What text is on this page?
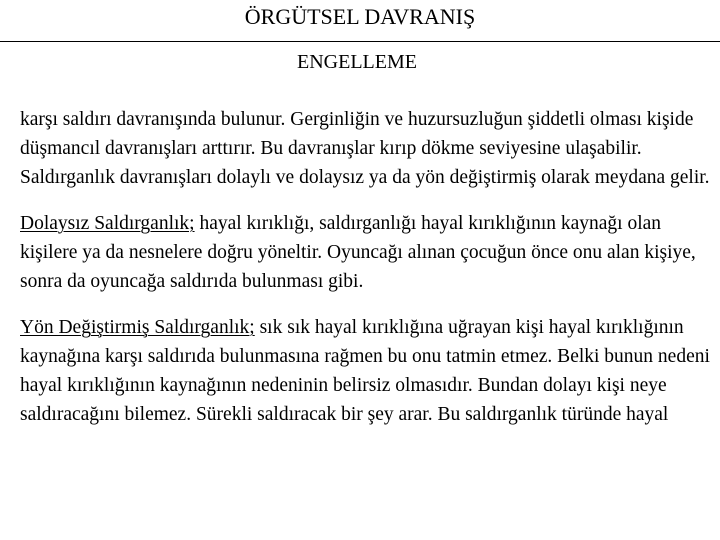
ÖRGÜTSEL DAVRANIŞ
ENGELLEME

karşı saldırı davranışında bulunur. Gerginliğin ve huzursuzluğun şiddetli olması kişide düşmancıl davranışları arttırır. Bu davranışlar kırıp dökme seviyesine ulaşabilir. Saldırganlık davranışları dolaylı ve dolaysız ya da yön değiştirmiş olarak meydana gelir.

Dolaysız Saldırganlık; hayal kırıklığı, saldırganlığı hayal kırıklığının kaynağı olan kişilere ya da nesnelere doğru yöneltir. Oyuncağı alınan çocuğun önce onu alan kişiye, sonra da oyuncağa saldırıda bulunması gibi.

Yön Değiştirmiş Saldırganlık; sık sık hayal kırıklığına uğrayan kişi hayal kırıklığının kaynağına karşı saldırıda bulunmasına rağmen bu onu tatmin etmez. Belki bunun nedeni hayal kırıklığının kaynağının nedeninin belirsiz olmasıdır. Bundan dolayı kişi neye saldıracağını bilemez. Sürekli saldıracak bir şey arar. Bu saldırganlık türünde hayal
